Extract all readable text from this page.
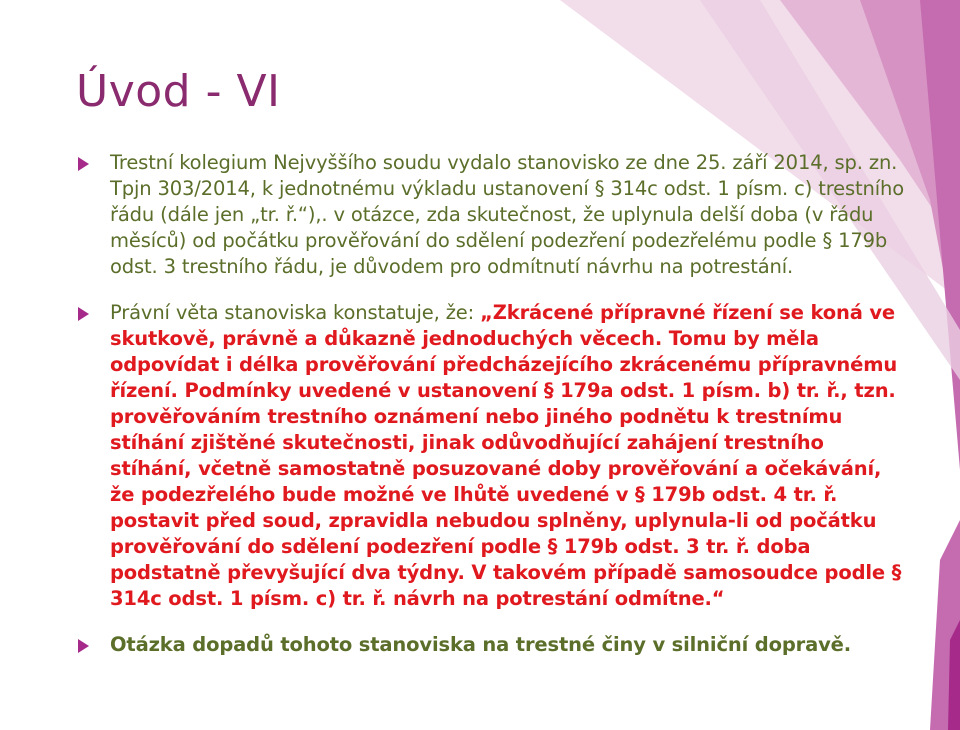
Úvod - VI
Trestní kolegium Nejvyššího soudu vydalo stanovisko ze dne 25. září 2014, sp. zn. Tpjn 303/2014, k jednotnému výkladu ustanovení § 314c odst. 1 písm. c) trestního řádu (dále jen „tr. ř.“),. v otázce, zda skutečnost, že uplynula delší doba (v řádu měsíců) od počátku prověřování do sdělení podezření podezřelému podle § 179b odst. 3 trestního řádu, je důvodem pro odmítnutí návrhu na potrestání.
Právní věta stanoviska konstatuje, že: „Zkrácené přípravné řízení se koná ve skutkově, právně a důkazně jednoduchých věcech. Tomu by měla odpovídat i délka prověřování předcházejícího zkrácenému přípravnému řízení. Podmínky uvedené v ustanovení § 179a odst. 1 písm. b) tr. ř., tzn. prověřováním trestního oznámení nebo jiného podnětu k trestnímu stíhání zjištěné skutečnosti, jinak odůvodňující zahájení trestního stíhání, včetně samostatně posuzované doby prověřování a očekávání, že podezřelého bude možné ve lhůtě uvedené v § 179b odst. 4 tr. ř. postavit před soud, zpravidla nebudou splněny, uplynula-li od počátku prověřování do sdělení podezření podle § 179b odst. 3 tr. ř. doba podstatně převyšující dva týdny. V takovém případě samosoudce podle § 314c odst. 1 písm. c) tr. ř. návrh na potrestání odmítne.“
Otázka dopadů tohoto stanoviska na trestné činy v silniční dopravě.
